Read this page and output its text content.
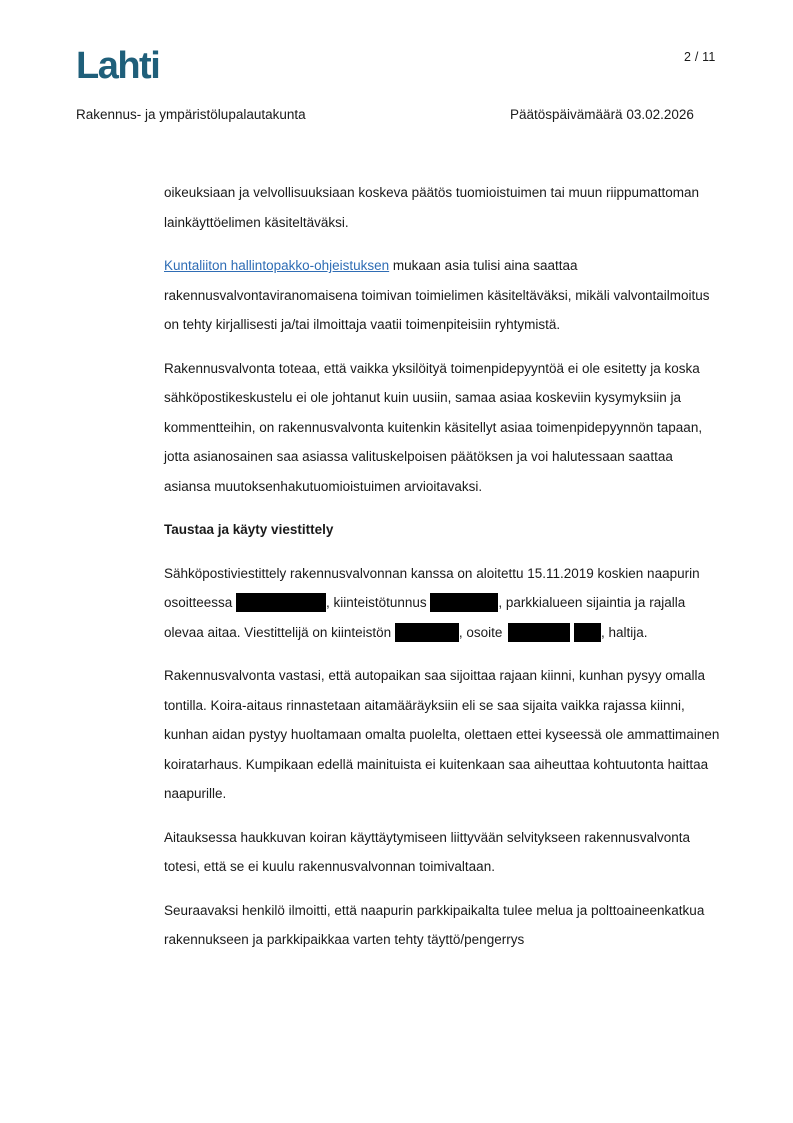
Lahti	2 / 11
Rakennus- ja ympäristölupalautakunta	Päätöspäivämäärä 03.02.2026

oikeuksiaan ja velvollisuuksiaan koskeva päätös tuomioistuimen tai muun riippumattoman lainkäyttöelimen käsiteltäväksi.

Kuntaliiton hallintopakko-ohjeistuksen mukaan asia tulisi aina saattaa rakennusvalvontaviranomaisena toimivan toimielimen käsiteltäväksi, mikäli valvontailmoitus on tehty kirjallisesti ja/tai ilmoittaja vaatii toimenpiteisiin ryhtymistä.

Rakennusvalvonta toteaa, että vaikka yksilöityä toimenpidepyyntöä ei ole esitetty ja koska sähköpostikeskustelu ei ole johtanut kuin uusiin, samaa asiaa koskeviin kysymyksiin ja kommentteihin, on rakennusvalvonta kuitenkin käsitellyt asiaa toimenpidepyynnön tapaan, jotta asianosainen saa asiassa valituskelpoisen päätöksen ja voi halutessaan saattaa asiansa muutoksenhakutuomioistuimen arvioitavaksi.

Taustaa ja käyty viestittely

Sähköpostiviestittely rakennusvalvonnan kanssa on aloitettu 15.11.2019 koskien naapurin osoitteessa	, kiinteistötunnus	, parkkialueen sijaintia ja rajalla olevaa aitaa. Viestittelijä on kiinteistön	, osoite	, haltija.

Rakennusvalvonta vastasi, että autopaikan saa sijoittaa rajaan kiinni, kunhan pysyy omalla tontilla. Koira-aitaus rinnastetaan aitamääräyksiin eli se saa sijaita vaikka rajassa kiinni, kunhan aidan pystyy huoltamaan omalta puolelta, olettaen ettei kyseessä ole ammattimainen koiratarhaus. Kumpikaan edellä mainituista ei kuitenkaan saa aiheuttaa kohtuutonta haittaa naapurille.

Aitauksessa haukkuvan koiran käyttäytymiseen liittyvään selvitykseen rakennusvalvonta totesi, että se ei kuulu rakennusvalvonnan toimivaltaan.

Seuraavaksi henkilö ilmoitti, että naapurin parkkipaikalta tulee melua ja polttoaineenkatkua rakennukseen ja parkkipaikkaa varten tehty täyttö/pengerrys
